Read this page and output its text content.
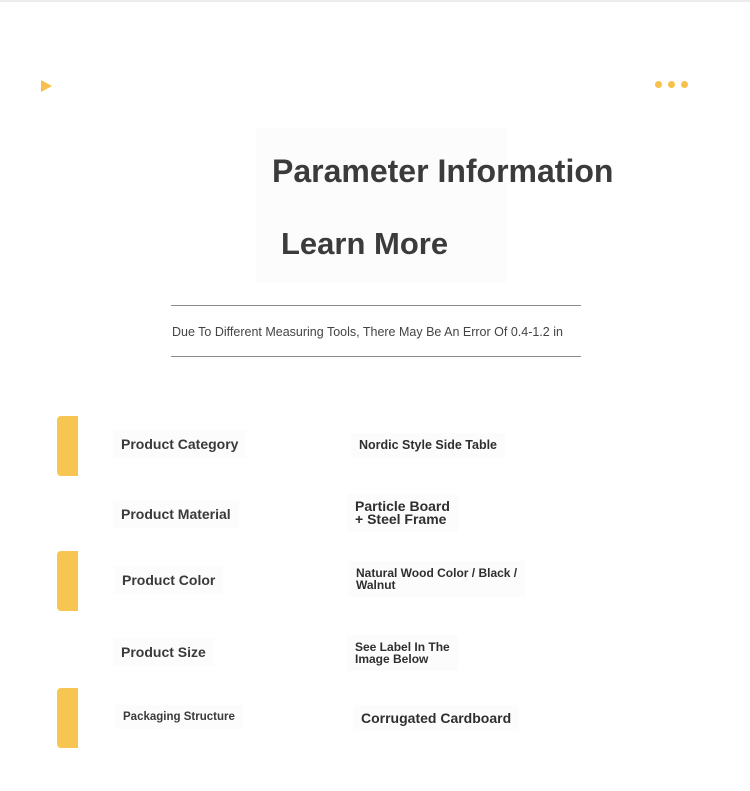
Parameter Information
Learn More
Due To Different Measuring Tools, There May Be An Error Of 0.4-1.2 in
Product Category	Nordic Style Side Table
Product Material	Particle Board
+ Steel Frame
Product Color	Natural Wood Color / Black /
Walnut
Product Size	See Label In The
Image Below
Packaging Structure	Corrugated Cardboard
